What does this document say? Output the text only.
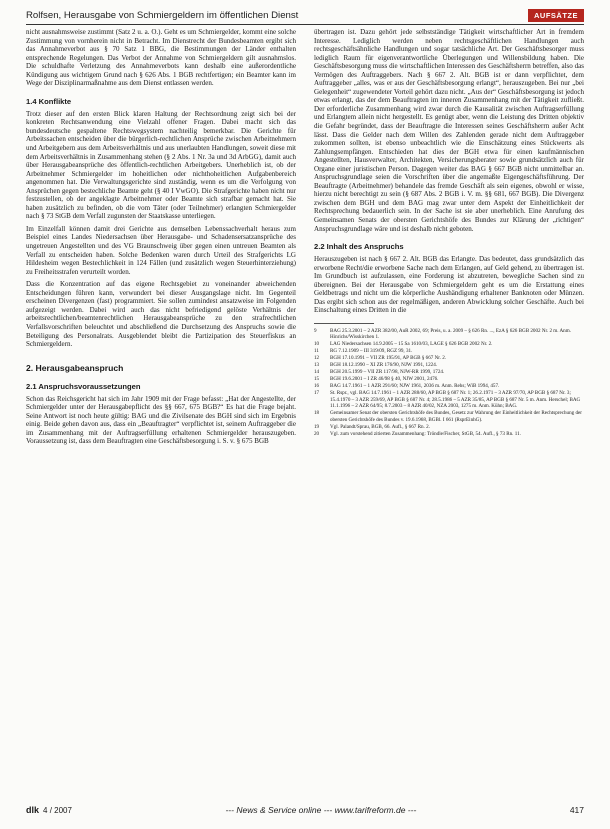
Rolfsen, Herausgabe von Schmiergeldern im öffentlichen Dienst	AUFSÄTZE

nicht ausnahmsweise zustimmt (Satz 2 u. a. O.). Geht es um Schmiergelder, kommt eine solche Zustimmung von vornherein nicht in Betracht. Im Dienstrecht der Bundesbeamten ergibt sich das Annahmeverbot aus § 70 Satz 1 BBG, die Bestimmungen der Länder enthalten entsprechende Regelungen. Das Verbot der Annahme von Schmiergeldern gilt ausnahmslos. Die schuldhafte Verletzung des Annahmeverbots kann deshalb eine außerordentliche Kündigung aus wichtigem Grund nach § 626 Abs. 1 BGB rechtfertigen; ein Beamter kann im Wege der Disziplinarmaßnahme aus dem Dienst entlassen werden.

1.4 Konflikte

Trotz dieser auf den ersten Blick klaren Haltung der Rechtsordnung zeigt sich bei der konkreten Rechtsanwendung eine Vielzahl offener Fragen. Dabei macht sich das bundesdeutsche gespaltene Rechtswegsystem nachteilig bemerkbar. Die Gerichte für Arbeitssachen entscheiden über die bürgerlich-rechtlichen Ansprüche zwischen Arbeitnehmern und Arbeitgebern aus dem Arbeitsverhältnis und aus unerlaubten Handlungen, soweit diese mit dem Arbeitsverhältnis in Zusammenhang stehen (§ 2 Abs. 1 Nr. 3a und 3d ArbGG), damit auch über Herausgabeansprüche des öffentlich-rechtlichen Arbeitgebers. Unerheblich ist, ob der Arbeitnehmer Schmiergelder im hoheitlichen oder nichthoheitlichen Aufgabenbereich angenommen hat. Die Verwaltungsgerichte sind zuständig, wenn es um die Verfolgung von Ansprüchen gegen bestechliche Beamte geht (§ 40 I VwGO). Die Strafgerichte haben nicht nur festzustellen, ob der angeklagte Arbeitnehmer oder Beamte sich strafbar gemacht hat. Sie haben zusätzlich zu befinden, ob die vom Täter (oder Teilnehmer) erlangten Schmiergelder nach § 73 StGB dem Verfall zugunsten der Staatskasse unterliegen.

Im Einzelfall können damit drei Gerichte aus demselben Lebenssachverhalt heraus zum Beispiel eines Landes Niedersachsen über Herausgabe- und Schadensersatzansprüche des ungetreuen Angestellten und des VG Braunschweig über gegen einen untreuen Beamten als Verfall zu entscheiden haben. Solche Bedenken waren durch Urteil des Strafgerichts LG Hildesheim wegen Bestechlichkeit in 124 Fällen (und zusätzlich wegen Steuerhinterziehung) zu Freiheitsstrafen verurteilt worden.

Dass die Konzentration auf das eigene Rechtsgebiet zu voneinander abweichenden Entscheidungen führen kann, verwundert bei dieser Ausgangslage nicht. Im Gegenteil erscheinen Divergenzen (fast) programmiert. Sie sollen zumindest ansatzweise im Folgenden aufgezeigt werden. Dabei wird auch das nicht befriedigend gelöste Verhältnis der arbeitsrechtlichen/beamtenrechtlichen Herausgabeansprüche zu den strafrechtlichen Verfallsvorschriften beleuchtet und abschließend die Durchsetzung des Anspruchs sowie die Beteiligung des Personalrats. Ausgeblendet bleibt die Partizipation des Steuerfiskus an Schmiergeldern.

2. Herausgabeanspruch
2.1 Anspruchsvoraussetzungen

Schon das Reichsgericht hat sich im Jahr 1909 mit der Frage befasst: „Hat der Angestellte, der Schmiergelder unter der Herausgabepflicht des §§ 667, 675 BGB?“ Es hat die Frage bejaht. Seine Antwort ist noch heute gültig: BAG und die Zivilsenate des BGH sind sich im Ergebnis einig. Beide gehen davon aus, dass ein „Beauftragter“ verpflichtet ist, seinem Auftraggeber die im Zusammenhang mit der Auftragserfüllung erhaltenen Schmiergelder herauszugeben. Voraussetzung ist, dass dem Beauftragten eine Geschäftsbesorgung i. S. v. § 675 BGB

übertragen ist. Dazu gehört jede selbstständige Tätigkeit wirtschaftlicher Art in fremdem Interesse. Lediglich werden neben rechtsgeschäftlichen Handlungen auch rechtsgeschäftsähnliche Handlungen und sogar tatsächliche Art. Der Geschäftsbesorger muss lediglich Raum für eigenverantwortliche Überlegungen und Willensbildung haben. Die Geschäftsbesorgung muss die wirtschaftlichen Interessen des Geschäftsherrn betreffen, also das Vermögen des Auftraggebers. Nach § 667 2. Alt. BGB ist er dann verpflichtet, dem Auftraggeber „alles, was er aus der Geschäftsbesorgung erlangt“, herauszugeben. Bei nur „bei Gelegenheit“ zugewendeter Vorteil gehört dazu nicht. „Aus der“ Geschäftsbesorgung ist jedoch etwas erlangt, das der dem Beauftragten im inneren Zusammenhang mit der Tätigkeit zufließt. Der erforderliche Zusammenhang wird zwar durch die Kausalität zwischen Auftragserfüllung und Erlangtem allein nicht hergestellt. Es genügt aber, wenn die Leistung des Dritten objektiv die Gefahr begründet, dass der Beauftragte die Interessen seines Geschäftsherrn außer Acht lässt. Dass die Gelder nach dem Willen des Zahlenden gerade nicht dem Auftraggeber zukommen sollten, ist ebenso unbeachtlich wie die Einschätzung eines Stückwerts als Zahlungsempfängen. Entschieden hat dies der BGH etwa für einen kaufmännischen Angestellten, Hausverwalter, Architekten, Versicherungsberater sowie grundsätzlich auch für Organe einer juristischen Person. Dagegen weiter das BAG § 667 BGB nicht unmittelbar an. Anspruchsgrundlage seien die Vorschriften über die angemaßte Eigengeschäftsführung. Der Beauftragte (Arbeitnehmer) behandele das fremde Geschäft als sein eigenes, obwohl er wisse, hierzu nicht berechtigt zu sein (§ 687 Abs. 2 BGB i. V. m. §§ 681, 667 BGB). Die Divergenz zwischen dem BGH und dem BAG mag zwar unter dem Aspekt der Einheitlichkeit der Rechtsprechung bedauerlich sein. In der Sache ist sie aber unerheblich. Eine Anrufung des Gemeinsamen Senats der obersten Gerichtshöfe des Bundes zur Klärung der „richtigen“ Anspruchsgrundlage wäre und ist deshalb nicht geboten.

2.2 Inhalt des Anspruchs

Herauszugeben ist nach § 667 2. Alt. BGB das Erlangte. Das bedeutet, dass grundsätzlich das erworbene Recht/die erworbene Sache nach dem Erlangen, auf Geld gehend, zu übertragen ist. Im Grundbuch ist aufzulassen, eine Forderung ist abzutreten, bewegliche Sachen sind zu übereignen. Bei der Herausgabe von Schmiergeldern geht es um die Erstattung eines Geldbetrags und nicht um die körperliche Aushändigung erhaltener Banknoten oder Münzen. Das ergibt sich schon aus der regelmäßigen, anderen Abwicklung solcher Geschäfte. Auch bei Einschaltung eines Dritten in die

9	BAG 25.3.2001 – 2 AZR 382/00, AuR 2002, 69; Preis, u. a. 2009 – § 626 Rn. ..., EzA § 626 BGB 2002 Nr. 2 m. Anm. Hinrichs/Wisskirchen 1.
10	LAG Niedersachsen 14.9.2005 – 15 Sa 1610/03, LAGE § 626 BGB 2002 Nr. 2.
11	RG 7.12.1909 – III 319/09, RGZ 99, 31.
12	BGH 17.10.1991 – VII ZR 195/91, AP BGB § 667 Nr. 2.
13	BGH 18.12.1990 – XI ZR 176/90, NJW 1991, 1224.
14	BGH 20.5.1999 – VII ZR 117/98, NJW-RR 1999, 1724.
15	BGH 19.6.2001 – I ZR 46/98 § 40, NJW 2001, 2476.
16	BAG 14.7.1961 – 1 AZR 291/60; NJW 1961, 2036 m. Anm. Rehs; WiB 1994, 457.
17	St. Rspr., vgl. BAG 14.7.1961 – 1 AZR 288/60, AP BGB § 687 Nr. 1; 26.2.1971 – 3 AZR 97/70, AP BGB § 687 Nr. 3; 15.4.1970 – 3 AZR 259/69, AP BGB § 687 Nr. 4; 28.5.1986 – 5 AZR 35/85, AP BGB § 687 Nr. 5 m. Anm. Herschel; BAG 11.1.1996 – 2 AZR 64/95; 8.7.2003 – 8 AZR 40/02, NZA 2003, 1275 m. Anm. Kühn; BAG.
18	Gemeinsamer Senat der obersten Gerichtshöfe des Bundes, Gesetz zur Wahrung der Einheitlichkeit der Rechtsprechung der obersten Gerichtshöfe des Bundes v. 19.6.1968, BGBl. I 661 (RsprEinhG).
19	Vgl. Palandt/Sprau, BGB, 66. Aufl., § 667 Rn. 2.
20	Vgl. zum vorstehend zitierten Zusammenhang: Tröndle/Fischer, StGB, 54. Aufl., § 73 Rn. 11.
dlk 4 / 2007	--- News & Service online --- www.tarifreform.de ---	417
